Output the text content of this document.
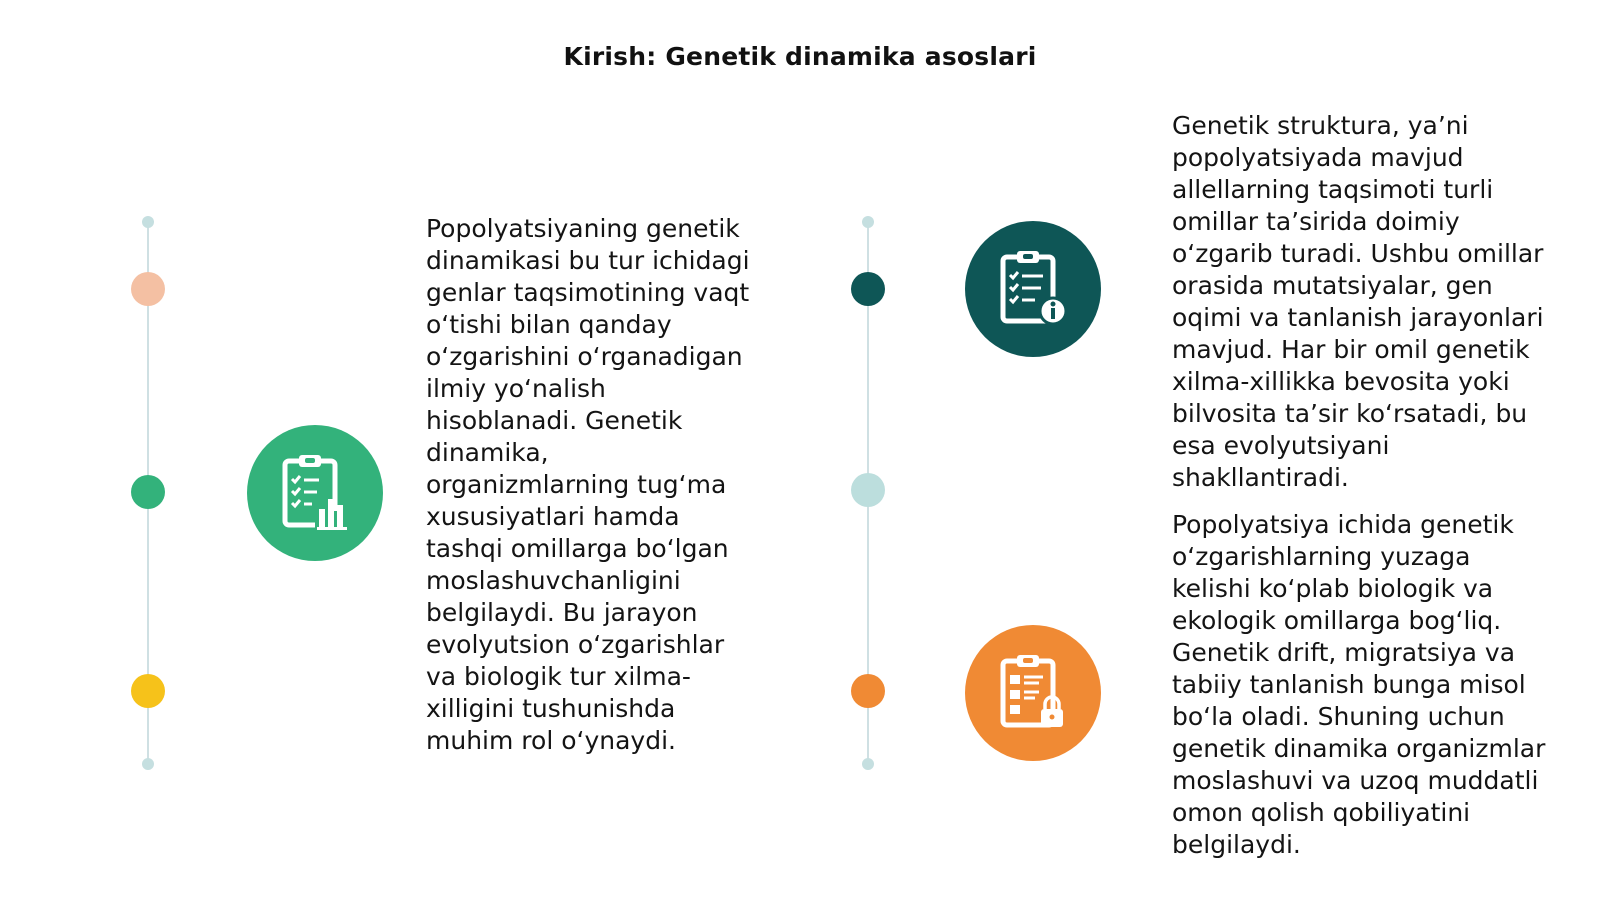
Kirish: Genetik dinamika asoslari
Popolyatsiyaning genetik dinamikasi bu tur ichidagi genlar taqsimotining vaqt o‘tishi bilan qanday o‘zgarishini o‘rganadigan ilmiy yo‘nalish hisoblanadi. Genetik dinamika, organizmlarning tug‘ma xususiyatlari hamda tashqi omillarga bo‘lgan moslashuvchanligini belgilaydi. Bu jarayon evolyutsion o‘zgarishlar va biologik tur xilma-xilligini tushunishda muhim rol o‘ynaydi.
Genetik struktura, ya’ni popolyatsiyada mavjud allellarning taqsimoti turli omillar ta’sirida doimiy o‘zgarib turadi. Ushbu omillar orasida mutatsiyalar, gen oqimi va tanlanish jarayonlari mavjud. Har bir omil genetik xilma-xillikka bevosita yoki bilvosita ta’sir ko‘rsatadi, bu esa evolyutsiyani shakllantiradi.
Popolyatsiya ichida genetik o‘zgarishlarning yuzaga kelishi ko‘plab biologik va ekologik omillarga bog‘liq. Genetik drift, migratsiya va tabiiy tanlanish bunga misol bo‘la oladi. Shuning uchun genetik dinamika organizmlar moslashuvi va uzoq muddatli omon qolish qobiliyatini belgilaydi.
